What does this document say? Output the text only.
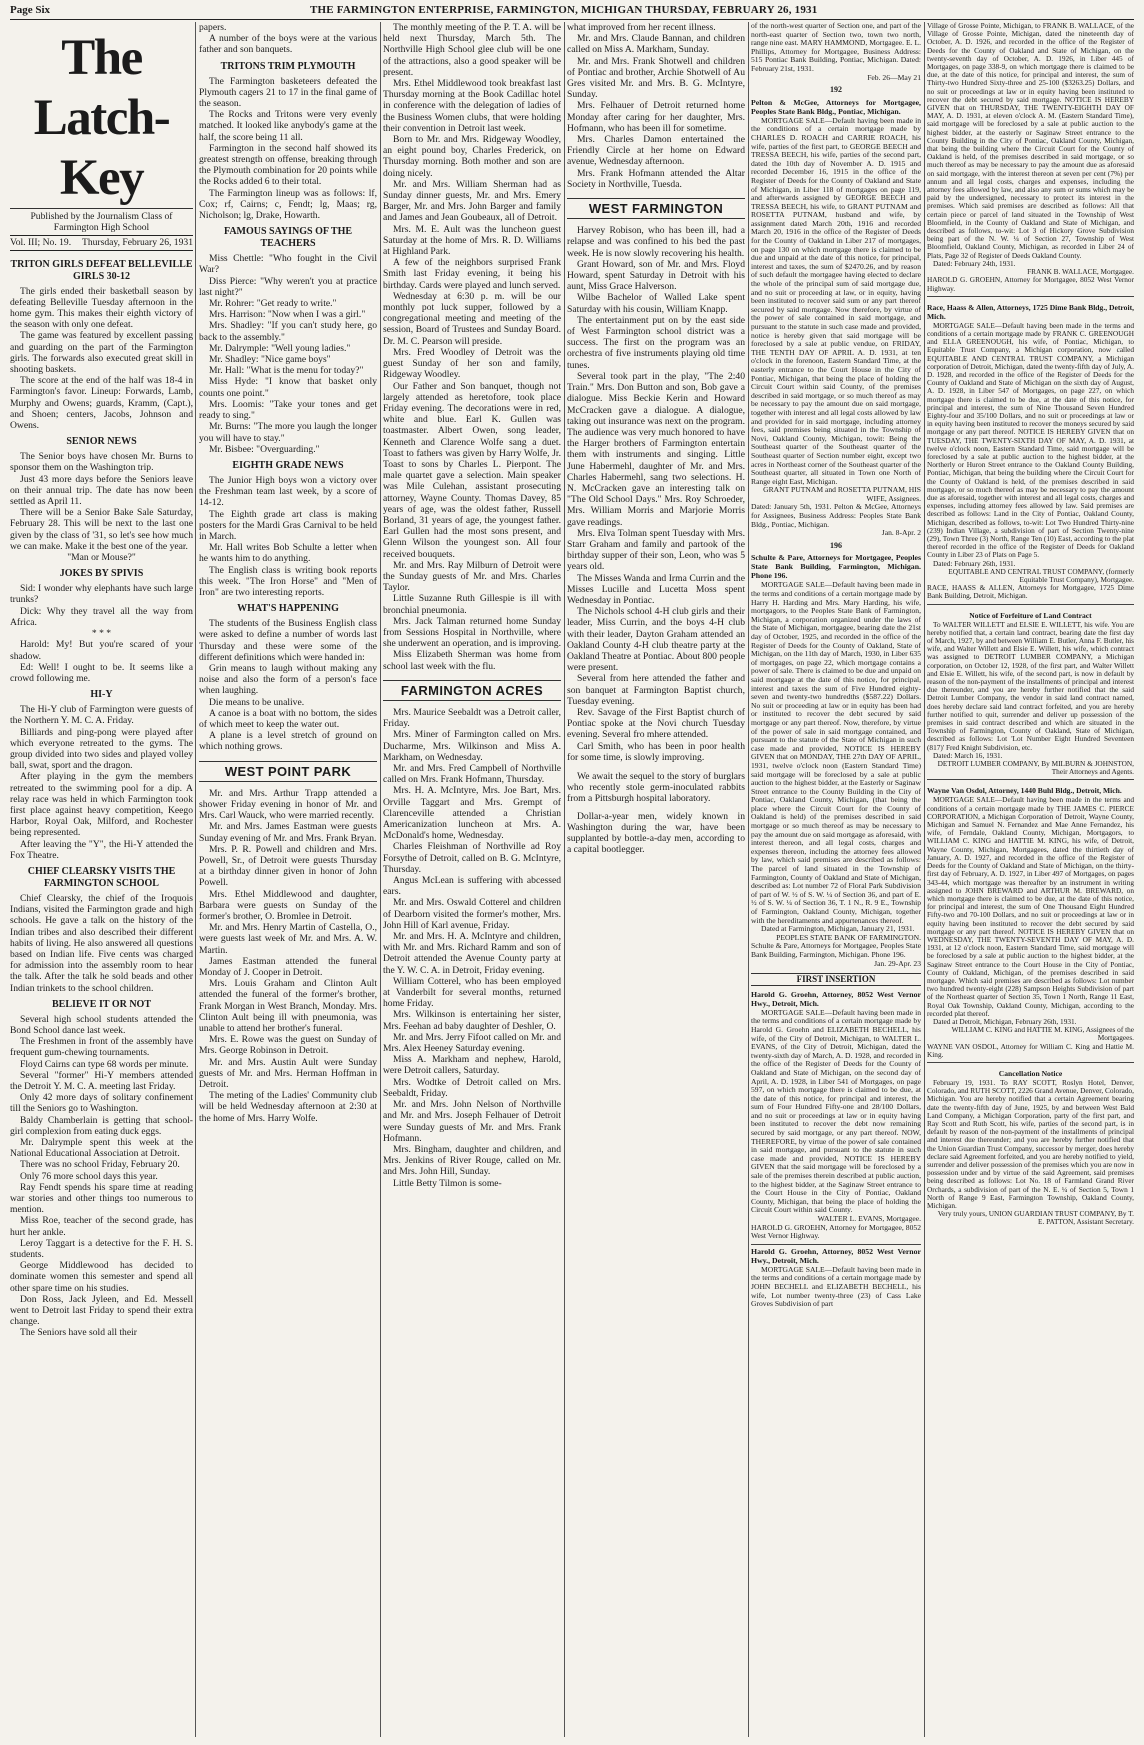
Page Six	THE FARMINGTON ENTERPRISE, FARMINGTON, MICHIGAN THURSDAY, FEBRUARY 26, 1931
The Latch-Key
Published by the Journalism Class of Farmington High School
Vol. III; No. 19. Thursday, February 26, 1931
TRITON GIRLS DEFEAT BELLEVILLE GIRLS 30-12

The girls ended their basketball season by defeating Belleville Tuesday afternoon in the home gym. This makes their eighth victory of the season with only one defeat.

The game was featured by excellent passing and guarding on the part of the Farmington girls. The forwards also executed great skill in shooting baskets.

The score at the end of the half was 18-4 in Farmington's favor. Lineup: Forwards, Lamb, Murphy and Owens; guards, Kramm, (Capt.), and Shoen; centers, Jacobs, Johnson and Owens.

SENIOR NEWS

The Senior boys have chosen Mr. Burns to sponsor them on the Washington trip.

Just 43 more days before the Seniors leave on their annual trip. The date has now been settled as April 11.

There will be a Senior Bake Sale Saturday, February 28. This will be next to the last one given by the class of '31, so let's see how much we can make. Make it the best one of the year.

"Man or Mouse?"

JOKES BY SPIVIS

Sid: I wonder why elephants have such large trunks?

Dick: Why they travel all the way from Africa.

* * *

Harold: My! But you're scared of your shadow.

Ed: Well! I ought to be. It seems like a crowd following me.

HI-Y

The Hi-Y club of Farmington were guests of the Northern Y. M. C. A. Friday.

Billiards and ping-pong were played after which everyone retreated to the gyms. The group divided into two sides and played volley ball, swat, sport and the dragon.

After playing in the gym the members retreated to the swimming pool for a dip. A relay race was held in which Farmington took first place against heavy competition, Keego Harbor, Royal Oak, Milford, and Rochester being represented.

After leaving the "Y", the Hi-Y attended the Fox Theatre.

CHIEF CLEARSKY VISITS THE FARMINGTON SCHOOL

Chief Clearsky, the chief of the Iroquois Indians, visited the Farmington grade and high schools. He gave a talk on the history of the Indian tribes and also described their different habits of living. He also answered all questions based on Indian life. Five cents was charged for admission into the assembly room to hear the talk. After the talk he sold beads and other Indian trinkets to the school children.

BELIEVE IT OR NOT

Several high school students attended the Bond School dance last week.

The Freshmen in front of the assembly have frequent gum-chewing tournaments.

Floyd Cairns can type 68 words per minute.

Several "former" Hi-Y members attended the Detroit Y. M. C. A. meeting last Friday.

Only 42 more days of solitary confinement till the Seniors go to Washington.

Baldy Chamberlain is getting that school-girl complexion from eating duck eggs.

Mr. Dalrymple spent this week at the National Educational Association at Detroit.

There was no school Friday, February 20.

Only 76 more school days this year.

Ray Fendt spends his spare time at reading war stories and other things too numerous to mention.

Miss Roe, teacher of the second grade, has hurt her ankle.

Leroy Taggart is a detective for the F. H. S. students.

George Middlewood has decided to dominate women this semester and spend all other spare time on his studies.

Don Ross, Jack Jyleen, and Ed. Messell went to Detroit last Friday to spend their extra change.

The Seniors have sold all their

papers.

A number of the boys were at the various father and son banquets.

TRITONS TRIM PLYMOUTH

The Farmington basketeers defeated the Plymouth cagers 21 to 17 in the final game of the season.

The Rocks and Tritons were very evenly matched. It looked like anybody's game at the half, the score being 11 all.

Farmington in the second half showed its greatest strength on offense, breaking through the Plymouth combination for 20 points while the Rocks added 6 to their total.

The Farmington lineup was as follows: lf, Cox; rf, Cairns; c, Fendt; lg, Maas; rg, Nicholson; lg, Drake, Howarth.

FAMOUS SAYINGS OF THE TEACHERS

Miss Chettle: "Who fought in the Civil War?

Diss Pierce: "Why weren't you at practice last night?"

Mr. Rohrer: "Get ready to write."

Mrs. Harrison: "Now when I was a girl."

Mrs. Shadley: "If you can't study here, go back to the assembly."

Mr. Dalrymple: "Well young ladies."

Mr. Shadley: "Nice game boys"

Mr. Hall: "What is the menu for today?"

Miss Hyde: "I know that basket only counts one point."

Mrs. Loomis: "Take your tones and get ready to sing."

Mr. Burns: "The more you laugh the longer you will have to stay."

Mr. Bisbee: "Overguarding."

EIGHTH GRADE NEWS

The Junior High boys won a victory over the Freshman team last week, by a score of 14-12.

The Eighth grade art class is making posters for the Mardi Gras Carnival to be held in March.

Mr. Hall writes Bob Schulte a letter when he wants him to do anything.

The English class is writing book reports this week. "The Iron Horse" and "Men of Iron" are two interesting reports.

WHAT'S HAPPENING

The students of the Business English class were asked to define a number of words last Thursday and these were some of the different definitions which were handed in:

Grin means to laugh without making any noise and also the form of a person's face when laughing.

Die means to be unalive.

A canoe is a boat with no bottom, the sides of which meet to keep the water out.

A plane is a level stretch of ground on which nothing grows.

WEST POINT PARK

Mr. and Mrs. Arthur Trapp attended a shower Friday evening in honor of Mr. and Mrs. Carl Wauck, who were married recently.

Mr. and Mrs. James Eastman were guests Sunday evening of Mr. and Mrs. Frank Bryan.

Mrs. P. R. Powell and children and Mrs. Powell, Sr., of Detroit were guests Thursday at a birthday dinner given in honor of John Powell.

Mrs. Ethel Middlewood and daughter, Barbara were guests on Sunday of the former's brother, O. Bromlee in Detroit.

Mr. and Mrs. Henry Martin of Castella, O., were guests last week of Mr. and Mrs. A. W. Martin.

James Eastman attended the funeral Monday of J. Cooper in Detroit.

Mrs. Louis Graham and Clinton Ault attended the funeral of the former's brother, Frank Morgan in West Branch, Monday. Mrs. Clinton Ault being ill with pneumonia, was unable to attend her brother's funeral.

Mrs. E. Rowe was the guest on Sunday of Mrs. George Robinson in Detroit.

Mr. and Mrs. Austin Ault were Sunday guests of Mr. and Mrs. Herman Hoffman in Detroit.

The meting of the Ladies' Community club will be held Wednesday afternoon at 2:30 at the home of Mrs. Harry Wolfe.

The monthly meeting of the P. T. A. will be held next Thursday, March 5th. The Northville High School glee club will be one of the attractions, also a good speaker will be present.

Mrs. Ethel Middlewood took breakfast last Thursday morning at the Book Cadillac hotel in conference with the delegation of ladies of the Business Women clubs, that were holding their convention in Detroit last week.

Born to Mr. and Mrs. Ridgeway Woodley, an eight pound boy, Charles Frederick, on Thursday morning. Both mother and son are doing nicely.

Mr. and Mrs. William Sherman had as Sunday dinner guests, Mr. and Mrs. Emery Barger, Mr. and Mrs. John Barger and family and James and Jean Goubeaux, all of Detroit.

Mrs. M. E. Ault was the luncheon guest Saturday at the home of Mrs. R. D. Williams at Highland Park.

A few of the neighbors surprised Frank Smith last Friday evening, it being his birthday. Cards were played and lunch served.

Wednesday at 6:30 p. m. will be our monthly pot luck supper, followed by a congregational meeting and meeting of the session, Board of Trustees and Sunday Board. Dr. M. C. Pearson will preside.

Mrs. Fred Woodley of Detroit was the guest Sunday of her son and family, Ridgeway Woodley.

Our Father and Son banquet, though not largely attended as heretofore, took place Friday evening. The decorations were in red, white and blue. Earl K. Gullen was toastmaster. Albert Owen, song leader, Kenneth and Clarence Wolfe sang a duet. Toast to fathers was given by Harry Wolfe, Jr. Toast to sons by Charles L. Pierpont. The male quartet gave a selection. Main speaker was Mile Culehan, assistant prosecuting attorney, Wayne County. Thomas Davey, 85 years of age, was the oldest father, Russell Borland, 31 years of age, the youngest father. Earl Gullen had the most sons present, and Glenn Wilson the youngest son. All four received bouquets.

Mr. and Mrs. Ray Milburn of Detroit were the Sunday guests of Mr. and Mrs. Charles Taylor.

Little Suzanne Ruth Gillespie is ill with bronchial pneumonia.

Mrs. Jack Talman returned home Sunday from Sessions Hospital in Northville, where she underwent an operation, and is improving.

Miss Elizabeth Sherman was home from school last week with the flu.

FARMINGTON ACRES

Mrs. Maurice Seebaldt was a Detroit caller, Friday.

Mrs. Miner of Farmington called on Mrs. Ducharme, Mrs. Wilkinson and Miss A. Markham, on Wednesday.

Mr. and Mrs. Fred Campbell of Northville called on Mrs. Frank Hofmann, Thursday.

Mrs. H. A. McIntyre, Mrs. Joe Bart, Mrs. Orville Taggart and Mrs. Grempt of Clarenceville attended a Christian Americanization luncheon at Mrs. A. McDonald's home, Wednesday.

Charles Fleishman of Northville ad Roy Forsythe of Detroit, called on B. G. McIntyre, Thursday.

Angus McLean is suffering with abcessed ears.

Mr. and Mrs. Oswald Cotterel and children of Dearborn visited the former's mother, Mrs. John Hill of Karl avenue, Friday.

Mr. and Mrs. H. A. McIntyre and children, with Mr. and Mrs. Richard Ramm and son of Detroit attended the Avenue County party at the Y. W. C. A. in Detroit, Friday evening.

William Cotterel, who has been employed at Vanderbilt for several months, returned home Friday.

Mrs. Wilkinson is entertaining her sister, Mrs. Feehan ad baby daughter of Deshler, O.

Mr. and Mrs. Jerry Fifoot called on Mr. and Mrs. Alex Heeney Saturday evening.

Miss A. Markham and nephew, Harold, were Detroit callers, Saturday.

Mrs. Wodtke of Detroit called on Mrs. Seebaldt, Friday.

Mr. and Mrs. John Nelson of Northville and Mr. and Mrs. Joseph Felhauer of Detroit were Sunday guests of Mr. and Mrs. Frank Hofmann.

Mrs. Bingham, daughter and children, and Mrs. Jenkins of River Rouge, called on Mr. and Mrs. John Hill, Sunday.

Little Betty Tilmon is some-

what improved from her recent illness.

Mr. and Mrs. Claude Bannan, and children called on Miss A. Markham, Sunday.

Mr. and Mrs. Frank Shotwell and children of Pontiac and brother, Archie Shotwell of Au Gres visited Mr. and Mrs. B. G. McIntyre, Sunday.

Mrs. Felhauer of Detroit returned home Monday after caring for her daughter, Mrs. Hofmann, who has been ill for sometime.

Mrs. Charles Damon entertained the Friendly Circle at her home on Edward avenue, Wednesday afternoon.

Mrs. Frank Hofmann attended the Altar Society in Northville, Tuesda.

WEST FARMINGTON

Harvey Robison, who has been ill, had a relapse and was confined to his bed the past week. He is now slowly recovering his health.

Grant Howard, son of Mr. and Mrs. Floyd Howard, spent Saturday in Detroit with his aunt, Miss Grace Halverson.

Wilbe Bachelor of Walled Lake spent Saturday with his cousin, William Knapp.

The entertainment put on by the east side of West Farmington school district was a success. The first on the program was an orchestra of five instruments playing old time tunes.

Several took part in the play, "The 2:40 Train." Mrs. Don Button and son, Bob gave a dialogue. Miss Beckie Kerin and Howard McCracken gave a dialogue. A dialogue, taking out insurance was next on the program. The audience was very much honored to have the Harger brothers of Farmington entertain them with instruments and singing. Little June Habermehl, daughter of Mr. and Mrs. Charles Habermehl, sang two selections. H. N. McCracken gave an interesting talk on "The Old School Days." Mrs. Roy Schroeder, Mrs. William Morris and Marjorie Morris gave readings.

Mrs. Elva Tolman spent Tuesday with Mrs. Starr Graham and family and partook of the birthday supper of their son, Leon, who was 5 years old.

The Misses Wanda and Irma Currin and the Misses Lucille and Lucetta Moss spent Wednesday in Pontiac.

The Nichols school 4-H club girls and their leader, Miss Currin, and the boys 4-H club with their leader, Dayton Graham attended an Oakland County 4-H club theatre party at the Oakland Theatre at Pontiac. About 800 people were present.

Several from here attended the father and son banquet at Farmington Baptist church, Tuesday evening.

Rev. Savage of the First Baptist church of Pontiac spoke at the Novi church Tuesday evening. Several fro mhere attended.

Carl Smith, who has been in poor health for some time, is slowly improving.

We await the sequel to the story of burglars who recently stole germ-inoculated rabbits from a Pittsburgh hospital laboratory.

Dollar-a-year men, widely known in Washington during the war, have been supplanted by bottle-a-day men, according to a capital bootlegger.

of the north-west quarter of Section one, and part of the north-east quarter of Section two, town two north, range nine east. MARY HAMMOND, Mortgagee. E. L. Phillips, Attorney for Mortgagee, Business Address: 515 Pontiac Bank Building, Pontiac, Michigan. Dated: February 21st, 1931.

Feb. 26—May 21

192
Pelton & McGee, Attorneys for Mortgagee, Peoples State Bank Bldg., Pontiac, Michigan.

MORTGAGE SALE—Default having been made in the conditions of a certain mortgage made by CHARLES D. ROACH and CARRIE ROACH, his wife, parties of the first part, to GEORGE BEECH and TRESSA BEECH, his wife, parties of the second part, dated the 10th day of November A. D. 1915 and recorded December 16, 1915 in the office of the Register of Deeds for the County of Oakland and State of Michigan, in Liber 118 of mortgages on page 119, and afterwards assigned by GEORGE BEECH and TRESSA BEECH, his wife, to GRANT PUTNAM and ROSETTA PUTNAM, husband and wife, by assignment dated March 20th, 1916 and recorded March 20, 1916 in the office of the Register of Deeds for the County of Oakland in Liber 217 of mortgages, on page 130 on which mortgage there is claimed to be due and unpaid at the date of this notice, for principal, interest and taxes, the sum of $2470.26, and by reason of such default the mortgagee having elected to declare the whole of the principal sum of said mortgage due, and no suit or proceeding at law, or in equity, having been instituted to recover said sum or any part thereof secured by said mortgage. Now therefore, by virtue of the power of sale contained in said mortgage, and pursuant to the statute in such case made and provided, notice is hereby given that said mortgage will be foreclosed by a sale at public vendue, on FRIDAY, THE TENTH DAY OF APRIL A. D. 1931, at ten o'clock in the forenoon, Eastern Standard Time, at the easterly entrance to the Court House in the City of Pontiac, Michigan, that being the place of holding the Circuit Court within said County, of the premises described in said mortgage, or so much thereof as may be necessary to pay the amount due on said mortgage, together with interest and all legal costs allowed by law and provided for in said mortgage, including attorney fees, said premises being situated in the Township of Novi, Oakland County, Michigan, towit: Being the Southeast quarter of the Southeast quarter of the Southeast quarter of Section number eight, except two acres in Northeast corner of the Southeast quarter of the Southeast quarter, all situated in Town one North of Range eight East, Michigan.

GRANT PUTNAM and ROSETTA PUTNAM, HIS WIFE, Assignees.

Dated: January 5th, 1931. Pelton & McGee, Attorneys for Assignees, Business Address: Peoples State Bank Bldg., Pontiac, Michigan.

Jan. 8-Apr. 2

196
Schulte & Pare, Attorneys for Mortgagee, Peoples State Bank Building, Farmington, Michigan. Phone 196.

MORTGAGE SALE—Default having been made in the terms and conditions of a certain mortgage made by Harry H. Harding and Mrs. Mary Harding, his wife, mortgagors, to the Peoples State Bank of Farmington, Michigan, a corporation organized under the laws of the State of Michigan, mortgagee, bearing date the 21st day of October, 1925, and recorded in the office of the Register of Deeds for the County of Oakland, State of Michigan, on the 11th day of March, 1930, in Liber 635 of mortgages, on page 22, which mortgage contains a power of sale. There is claimed to be due and unpaid on said mortgage at the date of this notice, for principal, interest and taxes the sum of Five Hundred eighty-seven and twenty-two hundredths ($587.22) Dollars. No suit or proceeding at law or in equity has been had or instituted to recover the debt secured by said mortgage or any part thereof. Now, therefore, by virtue of the power of sale in said mortgage contained, and pursuant to the statute of the State of Michigan in such case made and provided, NOTICE IS HEREBY GIVEN that on MONDAY, THE 27th DAY OF APRIL, 1931, twelve o'clock noon (Eastern Standard Time) said mortgage will be foreclosed by a sale at public auction to the highest bidder, at the Easterly or Saginaw Street entrance to the County Building in the City of Pontiac, Oakland County, Michigan, (that being the place where the Circuit Court for the County of Oakland is held) of the premises described in said mortgage or so much thereof as may be necessary to pay the amount due on said mortgage as aforesaid, with interest thereon, and all legal costs, charges and expenses thereon, including the attorney fees allowed by law, which said premises are described as follows: The parcel of land situated in the Township of Farmington, County of Oakland and State of Michigan, described as: Lot number 72 of Floral Park Subdivision of part of W. ½ of S. W. ¼ of Section 36, and part of E. ½ of S. W. ¼ of Section 36, T. 1 N., R. 9 E., Township of Farmington, Oakland County, Michigan, together with the hereditaments and appurtenances thereof.

Dated at Farmington, Michigan, January 21, 1931.

PEOPLES STATE BANK OF FARMINGTON.

Schulte & Pare, Attorneys for Mortgagee, Peoples State Bank Building, Farmington, Michigan. Phone 196.

Jan. 29-Apr. 23

FIRST INSERTION
Harold G. Groehn, Attorney, 8052 West Vernor Hwy., Detroit, Mich.

MORTGAGE SALE—Default having been made in the terms and conditions of a certain mortgage made by Harold G. Groehn and ELIZABETH BECHELL, his wife, of the City of Detroit, Michigan, to WALTER L. EVANS, of the City of Detroit, Michigan, dated the twenty-sixth day of March, A. D. 1928, and recorded in the office of the Register of Deeds for the County of Oakland and State of Michigan, on the second day of April, A. D. 1928, in Liber 541 of Mortgages, on page 597, on which mortgage there is claimed to be due, at the date of this notice, for principal and interest, the sum of Four Hundred Fifty-one and 28/100 Dollars, and no suit or proceedings at law or in equity having been instituted to recover the debt now remaining secured by said mortgage, or any part thereof. NOW, THEREFORE, by virtue of the power of sale contained in said mortgage, and pursuant to the statute in such case made and provided, NOTICE IS HEREBY GIVEN that the said mortgage will be foreclosed by a sale of the premises therein described at public auction, to the highest bidder, at the Saginaw Street entrance to the Court House in the City of Pontiac, Oakland County, Michigan, that being the place of holding the Circuit Court within said County.

WALTER L. EVANS, Mortgagee.

HAROLD G. GROEHN, Attorney for Mortgagee, 8052 West Vernor Highway.

Harold G. Groehn, Attorney, 8052 West Vernor Hwy., Detroit, Mich.

MORTGAGE SALE—Default having been made in the terms and conditions of a certain mortgage made by JOHN BECHELL and ELIZABETH BECHELL, his wife, Lot number twenty-three (23) of Cass Lake Groves Subdivision of part

Village of Grosse Pointe, Michigan, to FRANK B. WALLACE, of the Village of Grosse Pointe, Michigan, dated the nineteenth day of October, A. D. 1926, and recorded in the office of the Register of Deeds for the County of Oakland and State of Michigan, on the twenty-seventh day of October, A. D. 1926, in Liber 445 of Mortgages, on page 338-9, on which mortgage there is claimed to be due, at the date of this notice, for principal and interest, the sum of Thirty-two Hundred Sixty-three and 25-100 ($3263.25) Dollars, and no suit or proceedings at law or in equity having been instituted to recover the debt secured by said mortgage. NOTICE IS HEREBY GIVEN that on THURSDAY, THE TWENTY-EIGHTH DAY OF MAY, A. D. 1931, at eleven o'clock A. M. (Eastern Standard Time), said mortgage will be foreclosed by a sale at public auction to the highest bidder, at the easterly or Saginaw Street entrance to the County Building in the City of Pontiac, Oakland County, Michigan, that being the building where the Circuit Court for the County of Oakland is held, of the premises described in said mortgage, or so much thereof as may be necessary to pay the amount due as aforesaid on said mortgage, with the interest thereon at seven per cent (7%) per annum and all legal costs, charges and expenses, including the attorney fees allowed by law, and also any sum or sums which may be paid by the undersigned, necessary to protect its interest in the premises. Which said premises are described as follows: All that certain piece or parcel of land situated in the Township of West Bloomfield, in the County of Oakland and State of Michigan, and described as follows, to-wit: Lot 3 of Hickory Grove Subdivision being part of the N. W. ¼ of Section 27, Township of West Bloomfield, Oakland County, Michigan, as recorded in Liber 24 of Plats, Page 32 of Register of Deeds Oakland County.

Dated: February 24th, 1931.

FRANK B. WALLACE, Mortgagee.

HAROLD G. GROEHN, Attorney for Mortgagee, 8052 West Vernor Highway.

Race, Haass & Allen, Attorneys, 1725 Dime Bank Bldg., Detroit, Mich.

MORTGAGE SALE—Default having been made in the terms and conditions of a certain mortgage made by FRANK C. GREENOUGH and ELLA GREENOUGH, his wife, of Pontiac, Michigan, to Equitable Trust Company, a Michigan corporation, now called EQUITABLE AND CENTRAL TRUST COMPANY, a Michigan corporation of Detroit, Michigan, dated the twenty-fifth day of July, A. D. 1928, and recorded in the office of the Register of Deeds for the County of Oakland and State of Michigan on the sixth day of August, A. D. 1928, in Liber 547 of Mortgages, on page 227, on which mortgage there is claimed to be due, at the date of this notice, for principal and interest, the sum of Nine Thousand Seven Hundred Eighty-four and 35/100 Dollars, and no suit or proceedings at law or in equity having been instituted to recover the moneys secured by said mortgage or any part thereof. NOTICE IS HEREBY GIVEN that on TUESDAY, THE TWENTY-SIXTH DAY OF MAY, A. D. 1931, at twelve o'clock noon, Eastern Standard Time, said mortgage will be foreclosed by a sale at public auction to the highest bidder, at the Northerly or Huron Street entrance to the Oakland County Building, Pontiac, Michigan, that being the building where the Circuit Court for the County of Oakland is held, of the premises described in said mortgage, or so much thereof as may be necessary to pay the amount due as aforesaid, together with interest and all legal costs, charges and expenses, including attorney fees allowed by law. Said premises are described as follows: Land in the City of Pontiac, Oakland County, Michigan, described as follows, to-wit: Lot Two Hundred Thirty-nine (239) Indian Village, a subdivision of part of Section Twenty-nine (29), Town Three (3) North, Range Ten (10) East, according to the plat thereof recorded in the office of the Register of Deeds for Oakland County in Liber 23 of Plats on Page 5.

Dated: February 26th, 1931.

EQUITABLE AND CENTRAL TRUST COMPANY, (formerly Equitable Trust Company), Mortgagee.

RACE, HAASS & ALLEN, Attorneys for Mortgagee, 1725 Dime Bank Building, Detroit, Michigan.

Notice of Forfeiture of Land Contract

To WALTER WILLETT and ELSIE E. WILLETT, his wife. You are hereby notified that, a certain land contract, bearing date the first day of March, 1927, by and between William E. Butler, Anna F. Butler, his wife, and Walter Willett and Elsie E. Willett, his wife, which contract was assigned to DETROIT LUMBER COMPANY, a Michigan corporation, on October 12, 1928, of the first part, and Walter Willett and Elsie E. Willett, his wife, of the second part, is now in default by reason of the non-payment of the installments of principal and interest due thereunder, and you are hereby further notified that the said Detroit Lumber Company, the vendor in said land contract named, does hereby declare said land contract forfeited, and you are hereby further notified to quit, surrender and deliver up possession of the premises in said contract described and which are situated in the Township of Farmington, County of Oakland, State of Michigan, described as follows: Lot 'Lot Number Eight Hundred Seventeen (817)' Fred Knight Subdivision, etc.

Dated: March 16, 1931.

DETROIT LUMBER COMPANY, By MILBURN & JOHNSTON, Their Attorneys and Agents.

Wayne Van Osdol, Attorney, 1440 Buhl Bldg., Detroit, Mich.

MORTGAGE SALE—Default having been made in the terms and conditions of a certain mortgage made by THE JAMES C. PIERCE CORPORATION, a Michigan Corporation of Detroit, Wayne County, Michigan and Samuel N. Fernandez and Mae Anne Fernandez, his wife, of Ferndale, Oakland County, Michigan, Mortgagors, to WILLIAM C. KING and HATTIE M. KING, his wife, of Detroit, Wayne County, Michigan, Mortgagees, dated the thirtieth day of January, A. D. 1927, and recorded in the office of the Register of Deeds for the County of Oakland and State of Michigan, on the thirty-first day of February, A. D. 1927, in Liber 497 of Mortgages, on pages 343-44, which mortgage was thereafter by an instrument in writing assigned to JOHN BREWARD and ARTHUR M. BREWARD, on which mortgage there is claimed to be due, at the date of this notice, for principal and interest, the sum of One Thousand Eight Hundred Fifty-two and 70-100 Dollars, and no suit or proceedings at law or in equity having been instituted to recover the debt secured by said mortgage or any part thereof. NOTICE IS HEREBY GIVEN that on WEDNESDAY, THE TWENTY-SEVENTH DAY OF MAY, A. D. 1931, at 12 o'clock noon, Eastern Standard Time, said mortgage will be foreclosed by a sale at public auction to the highest bidder, at the Saginaw Street entrance to the Court House in the City of Pontiac, County of Oakland, Michigan, of the premises described in said mortgage. Which said premises are described as follows: Lot number two hundred twenty-eight (228) Sampson Heights Subdivision of part of the Northeast quarter of Section 35, Town 1 North, Range 11 East, Royal Oak Township, Oakland County, Michigan, according to the recorded plat thereof.

Dated at Detroit, Michigan, February 26th, 1931.

WILLIAM C. KING and HATTIE M. KING, Assignees of the Mortgagees.

WAYNE VAN OSDOL, Attorney for William C. King and Hattie M. King.

Cancellation Notice

February 19, 1931. To RAY SCOTT, Roslyn Hotel, Denver, Colorado, and RUTH SCOTT, 2226 Grand Avenue, Denver, Colorado, Michigan. You are hereby notified that a certain Agreement bearing date the twenty-fifth day of June, 1925, by and between West Bald Land Company, a Michigan Corporation, party of the first part, and Ray Scott and Ruth Scott, his wife, parties of the second part, is in default by reason of the non-payment of the installments of principal and interest due thereunder; and you are hereby further notified that the Union Guardian Trust Company, successor by merger, does hereby declare said Agreement forfeited, and you are hereby notified to yield, surrender and deliver possession of the premises which you are now in possession under and by virtue of the said Agreement, said premises being described as follows: Lot No. 18 of Farmland Grand River Orchards, a subdivision of part of the N. E. ¼ of Section 5, Town 1 North of Range 9 East, Farmington Township, Oakland County, Michigan.

Very truly yours, UNION GUARDIAN TRUST COMPANY, By T. E. PATTON, Assistant Secretary.
